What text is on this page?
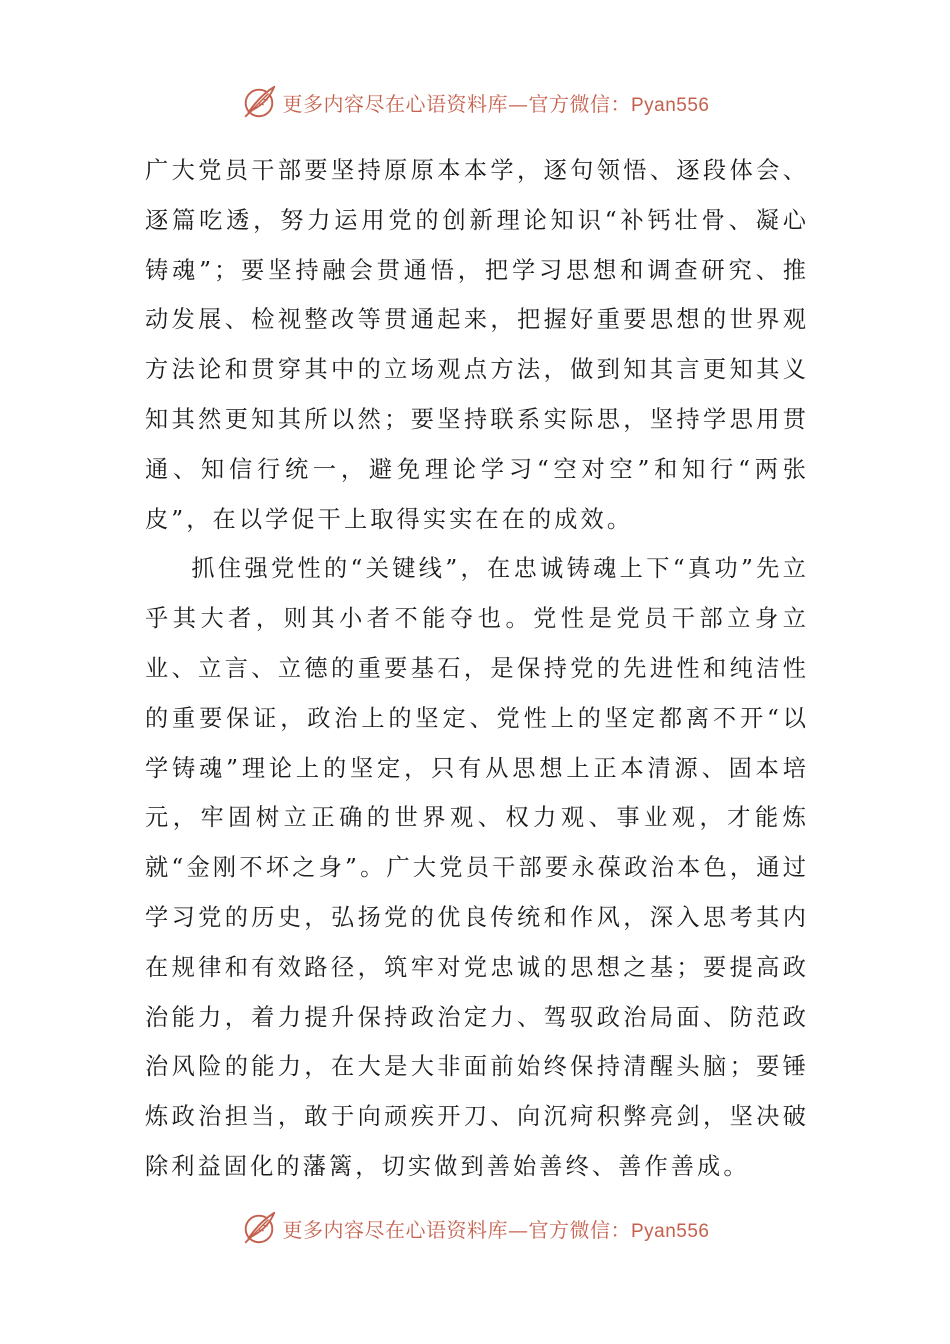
更多内容尽在心语资料库—官方微信：Pyan556

广大党员干部要坚持原原本本学，逐句领悟、逐段体会、逐篇吃透，努力运用党的创新理论知识“补钙壮骨、凝心铸魂”；要坚持融会贯通悟，把学习思想和调查研究、推动发展、检视整改等贯通起来，把握好重要思想的世界观方法论和贯穿其中的立场观点方法，做到知其言更知其义知其然更知其所以然；要坚持联系实际思，坚持学思用贯通、知信行统一，避免理论学习“空对空”和知行“两张皮”，在以学促干上取得实实在在的成效。

抓住强党性的“关键线”，在忠诚铸魂上下“真功”先立乎其大者，则其小者不能夺也。党性是党员干部立身立业、立言、立德的重要基石，是保持党的先进性和纯洁性的重要保证，政治上的坚定、党性上的坚定都离不开“以学铸魂”理论上的坚定，只有从思想上正本清源、固本培元，牢固树立正确的世界观、权力观、事业观，才能炼就“金刚不坏之身”。广大党员干部要永葆政治本色，通过学习党的历史，弘扬党的优良传统和作风，深入思考其内在规律和有效路径，筑牢对党忠诚的思想之基；要提高政治能力，着力提升保持政治定力、驾驭政治局面、防范政治风险的能力，在大是大非面前始终保持清醒头脑；要锤炼政治担当，敢于向顽疾开刀、向沉疴积弊亮剑，坚决破除利益固化的藩篱，切实做到善始善终、善作善成。

更多内容尽在心语资料库—官方微信：Pyan556
